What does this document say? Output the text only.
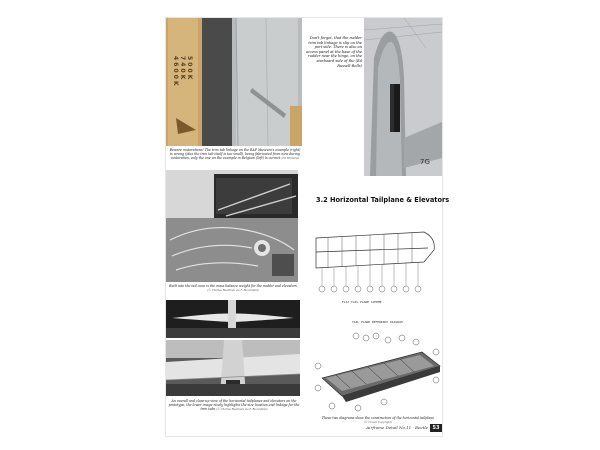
4 6 0 0 K 7 4 0 K 5 0 0 K
Beware restorations! The trim tab linkage on the RAF Museum's example (right) is wrong (plus the trim tab itself is too small), being fabricated from new during restoration, only the one on the example in Belgium (left) is correct (Ed Williams)
Don't forget, that the rudder trim tab linkage is slip on the port side. There is also an access panel at the base of the rudder near the hinge, on the starboard side of the (Ed Russell-Rolls)
7G
Built into the tail cone is the mass balance weight for the rudder and elevators
(© Charles Reedman via F. Bloomfield)
An overall and close-up view of the horizontal tailplanes and elevators on the prototype, the lower image nicely highlights the size location and linkage for the trim tabs (© Charles Reedman via F. Bloomfield)
3.2 Horizontal Tailplane & Elevators
FLAT TAIL PLANE SCHEME
TAIL PLANE REFERENCE DIAGRAM
These two diagrams show the construction of the horizontal tailplane
(© Crown Copyright)
Airframe Detail No.11 - Beetle 53
